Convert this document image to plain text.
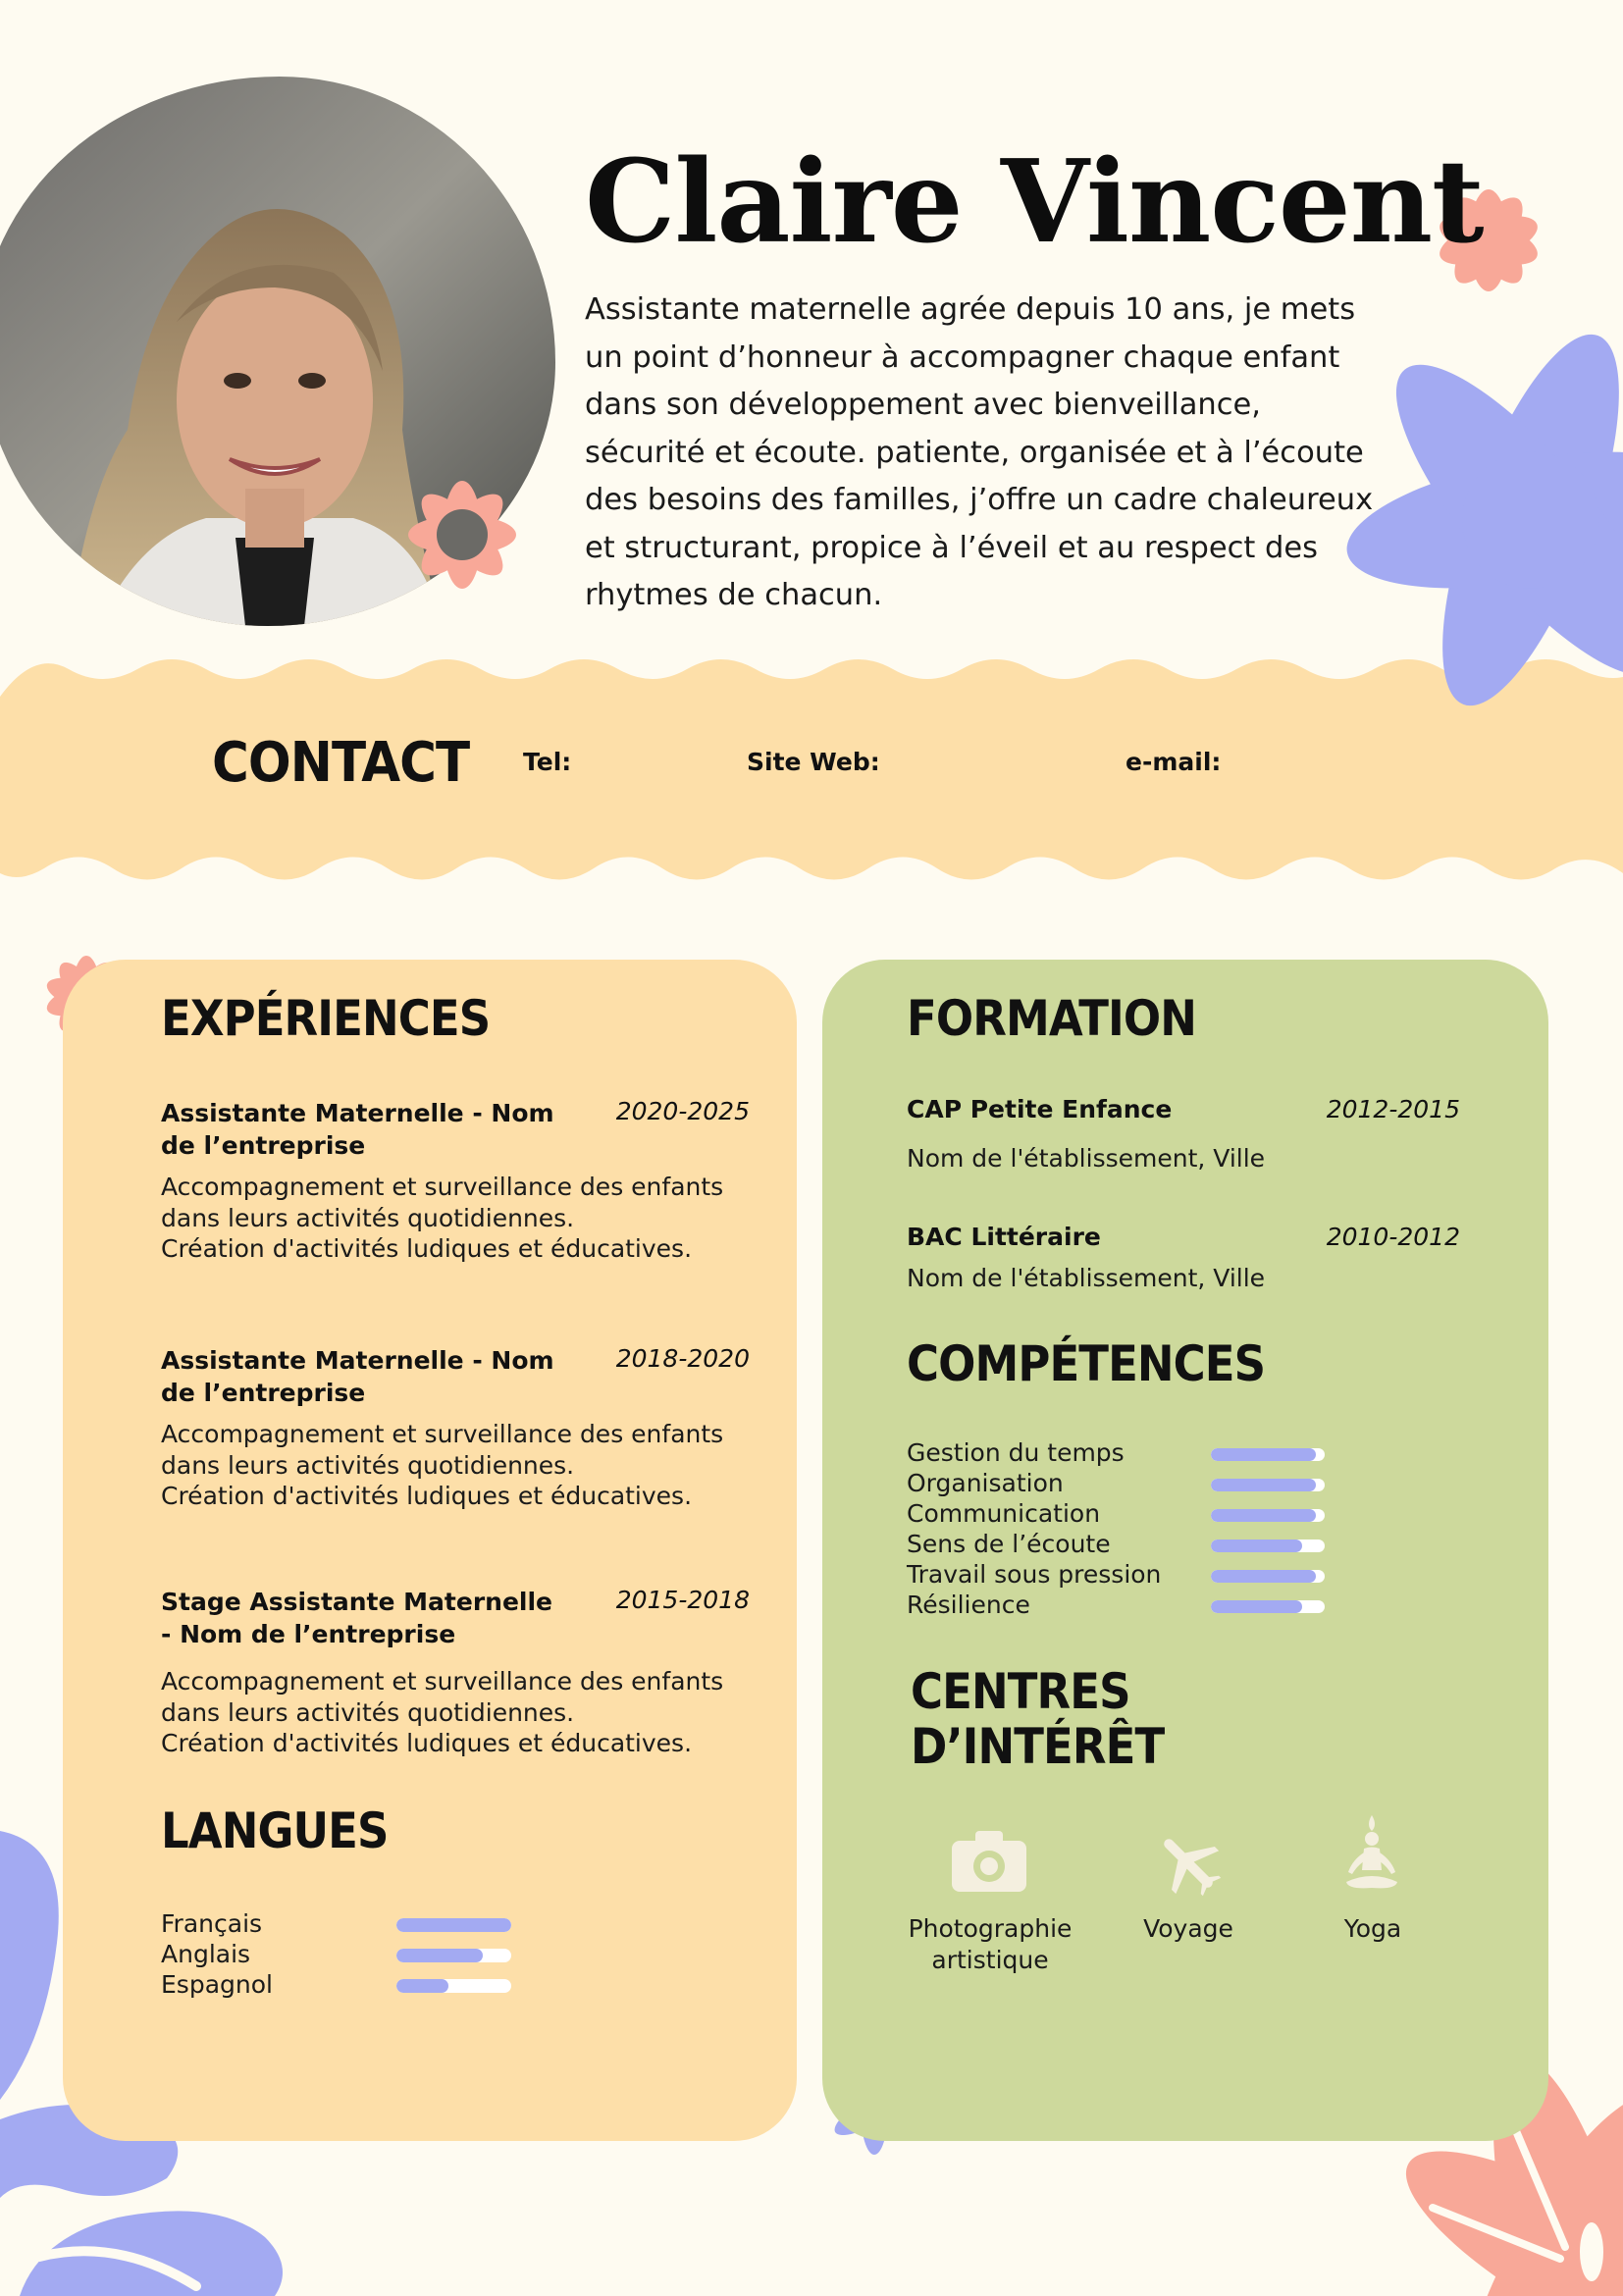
Claire Vincent

Assistante maternelle agrée depuis 10 ans, je mets un point d’honneur à accompagner chaque enfant dans son développement avec bienveillance, sécurité et écoute. patiente, organisée et à l’écoute des besoins des familles, j’offre un cadre chaleureux et structurant, propice à l’éveil et au respect des rhytmes de chacun.

CONTACT Tel:	Site Web:	e-mail:
EXPÉRIENCES
Assistante Maternelle - Nom de l’entreprise
2020-2025
Accompagnement et surveillance des enfants dans leurs activités quotidiennes.
Création d'activités ludiques et éducatives.
Assistante Maternelle - Nom de l’entreprise
2018-2020
Accompagnement et surveillance des enfants dans leurs activités quotidiennes.
Création d'activités ludiques et éducatives.
Stage Assistante Maternelle - Nom de l’entreprise
2015-2018
Accompagnement et surveillance des enfants dans leurs activités quotidiennes.
Création d'activités ludiques et éducatives.
LANGUES
Français
Anglais
Espagnol
FORMATION
CAP Petite Enfance	2012-2015
Nom de l'établissement, Ville
BAC Littéraire	2010-2012
Nom de l'établissement, Ville
COMPÉTENCES
Gestion du temps
Organisation
Communication
Sens de l’écoute
Travail sous pression
Résilience
CENTRES
D’INTÉRÊT
Photographie artistique
Voyage	Yoga
